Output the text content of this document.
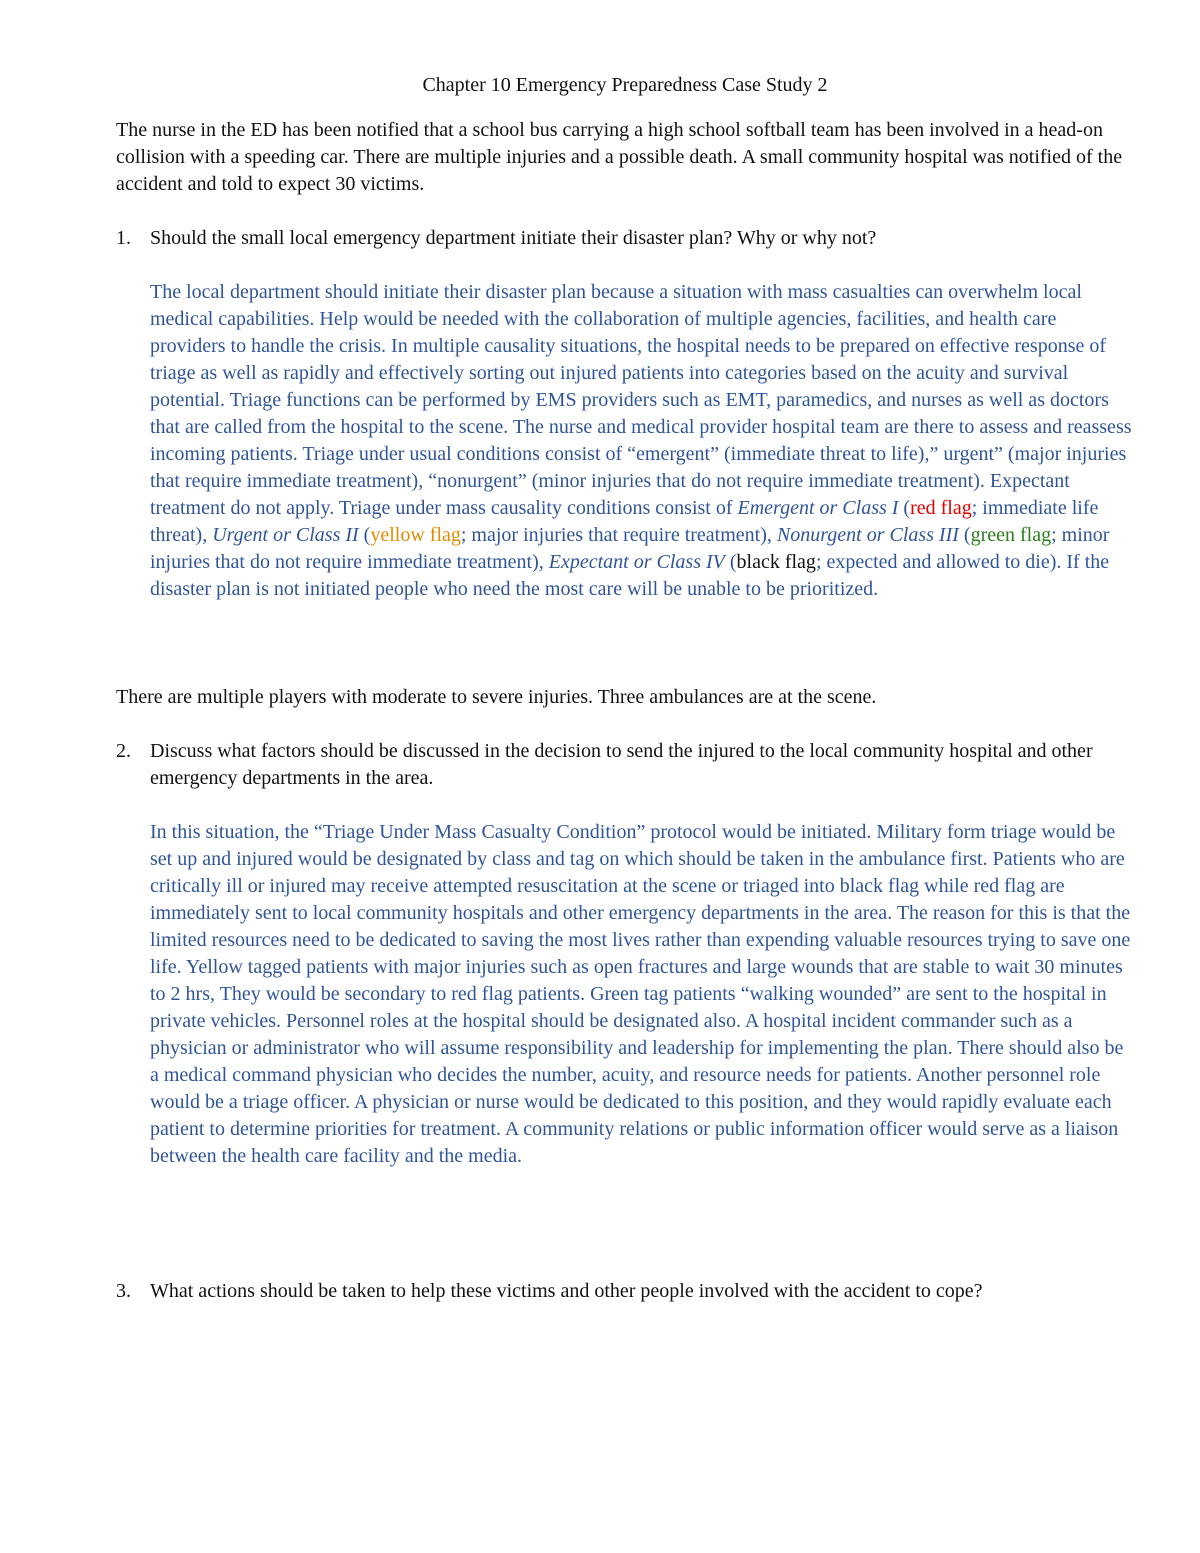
Chapter 10 Emergency Preparedness Case Study 2

The nurse in the ED has been notified that a school bus carrying a high school softball team has been involved in a head-on collision with a speeding car. There are multiple injuries and a possible death. A small community hospital was notified of the accident and told to expect 30 victims.

1. Should the small local emergency department initiate their disaster plan? Why or why not?

The local department should initiate their disaster plan because a situation with mass casualties can overwhelm local medical capabilities. Help would be needed with the collaboration of multiple agencies, facilities, and health care providers to handle the crisis. In multiple causality situations, the hospital needs to be prepared on effective response of triage as well as rapidly and effectively sorting out injured patients into categories based on the acuity and survival potential. Triage functions can be performed by EMS providers such as EMT, paramedics, and nurses as well as doctors that are called from the hospital to the scene. The nurse and medical provider hospital team are there to assess and reassess incoming patients. Triage under usual conditions consist of “emergent” (immediate threat to life),” urgent” (major injuries that require immediate treatment), “nonurgent” (minor injuries that do not require immediate treatment). Expectant treatment do not apply. Triage under mass causality conditions consist of Emergent or Class I (red flag; immediate life threat), Urgent or Class II (yellow flag; major injuries that require treatment), Nonurgent or Class III (green flag; minor injuries that do not require immediate treatment), Expectant or Class IV (black flag; expected and allowed to die). If the disaster plan is not initiated people who need the most care will be unable to be prioritized.

There are multiple players with moderate to severe injuries. Three ambulances are at the scene.

2. Discuss what factors should be discussed in the decision to send the injured to the local community hospital and other emergency departments in the area.

In this situation, the “Triage Under Mass Casualty Condition” protocol would be initiated. Military form triage would be set up and injured would be designated by class and tag on which should be taken in the ambulance first. Patients who are critically ill or injured may receive attempted resuscitation at the scene or triaged into black flag while red flag are immediately sent to local community hospitals and other emergency departments in the area. The reason for this is that the limited resources need to be dedicated to saving the most lives rather than expending valuable resources trying to save one life. Yellow tagged patients with major injuries such as open fractures and large wounds that are stable to wait 30 minutes to 2 hrs, They would be secondary to red flag patients. Green tag patients “walking wounded” are sent to the hospital in private vehicles. Personnel roles at the hospital should be designated also. A hospital incident commander such as a physician or administrator who will assume responsibility and leadership for implementing the plan. There should also be a medical command physician who decides the number, acuity, and resource needs for patients. Another personnel role would be a triage officer. A physician or nurse would be dedicated to this position, and they would rapidly evaluate each patient to determine priorities for treatment. A community relations or public information officer would serve as a liaison between the health care facility and the media.

3. What actions should be taken to help these victims and other people involved with the accident to cope?
